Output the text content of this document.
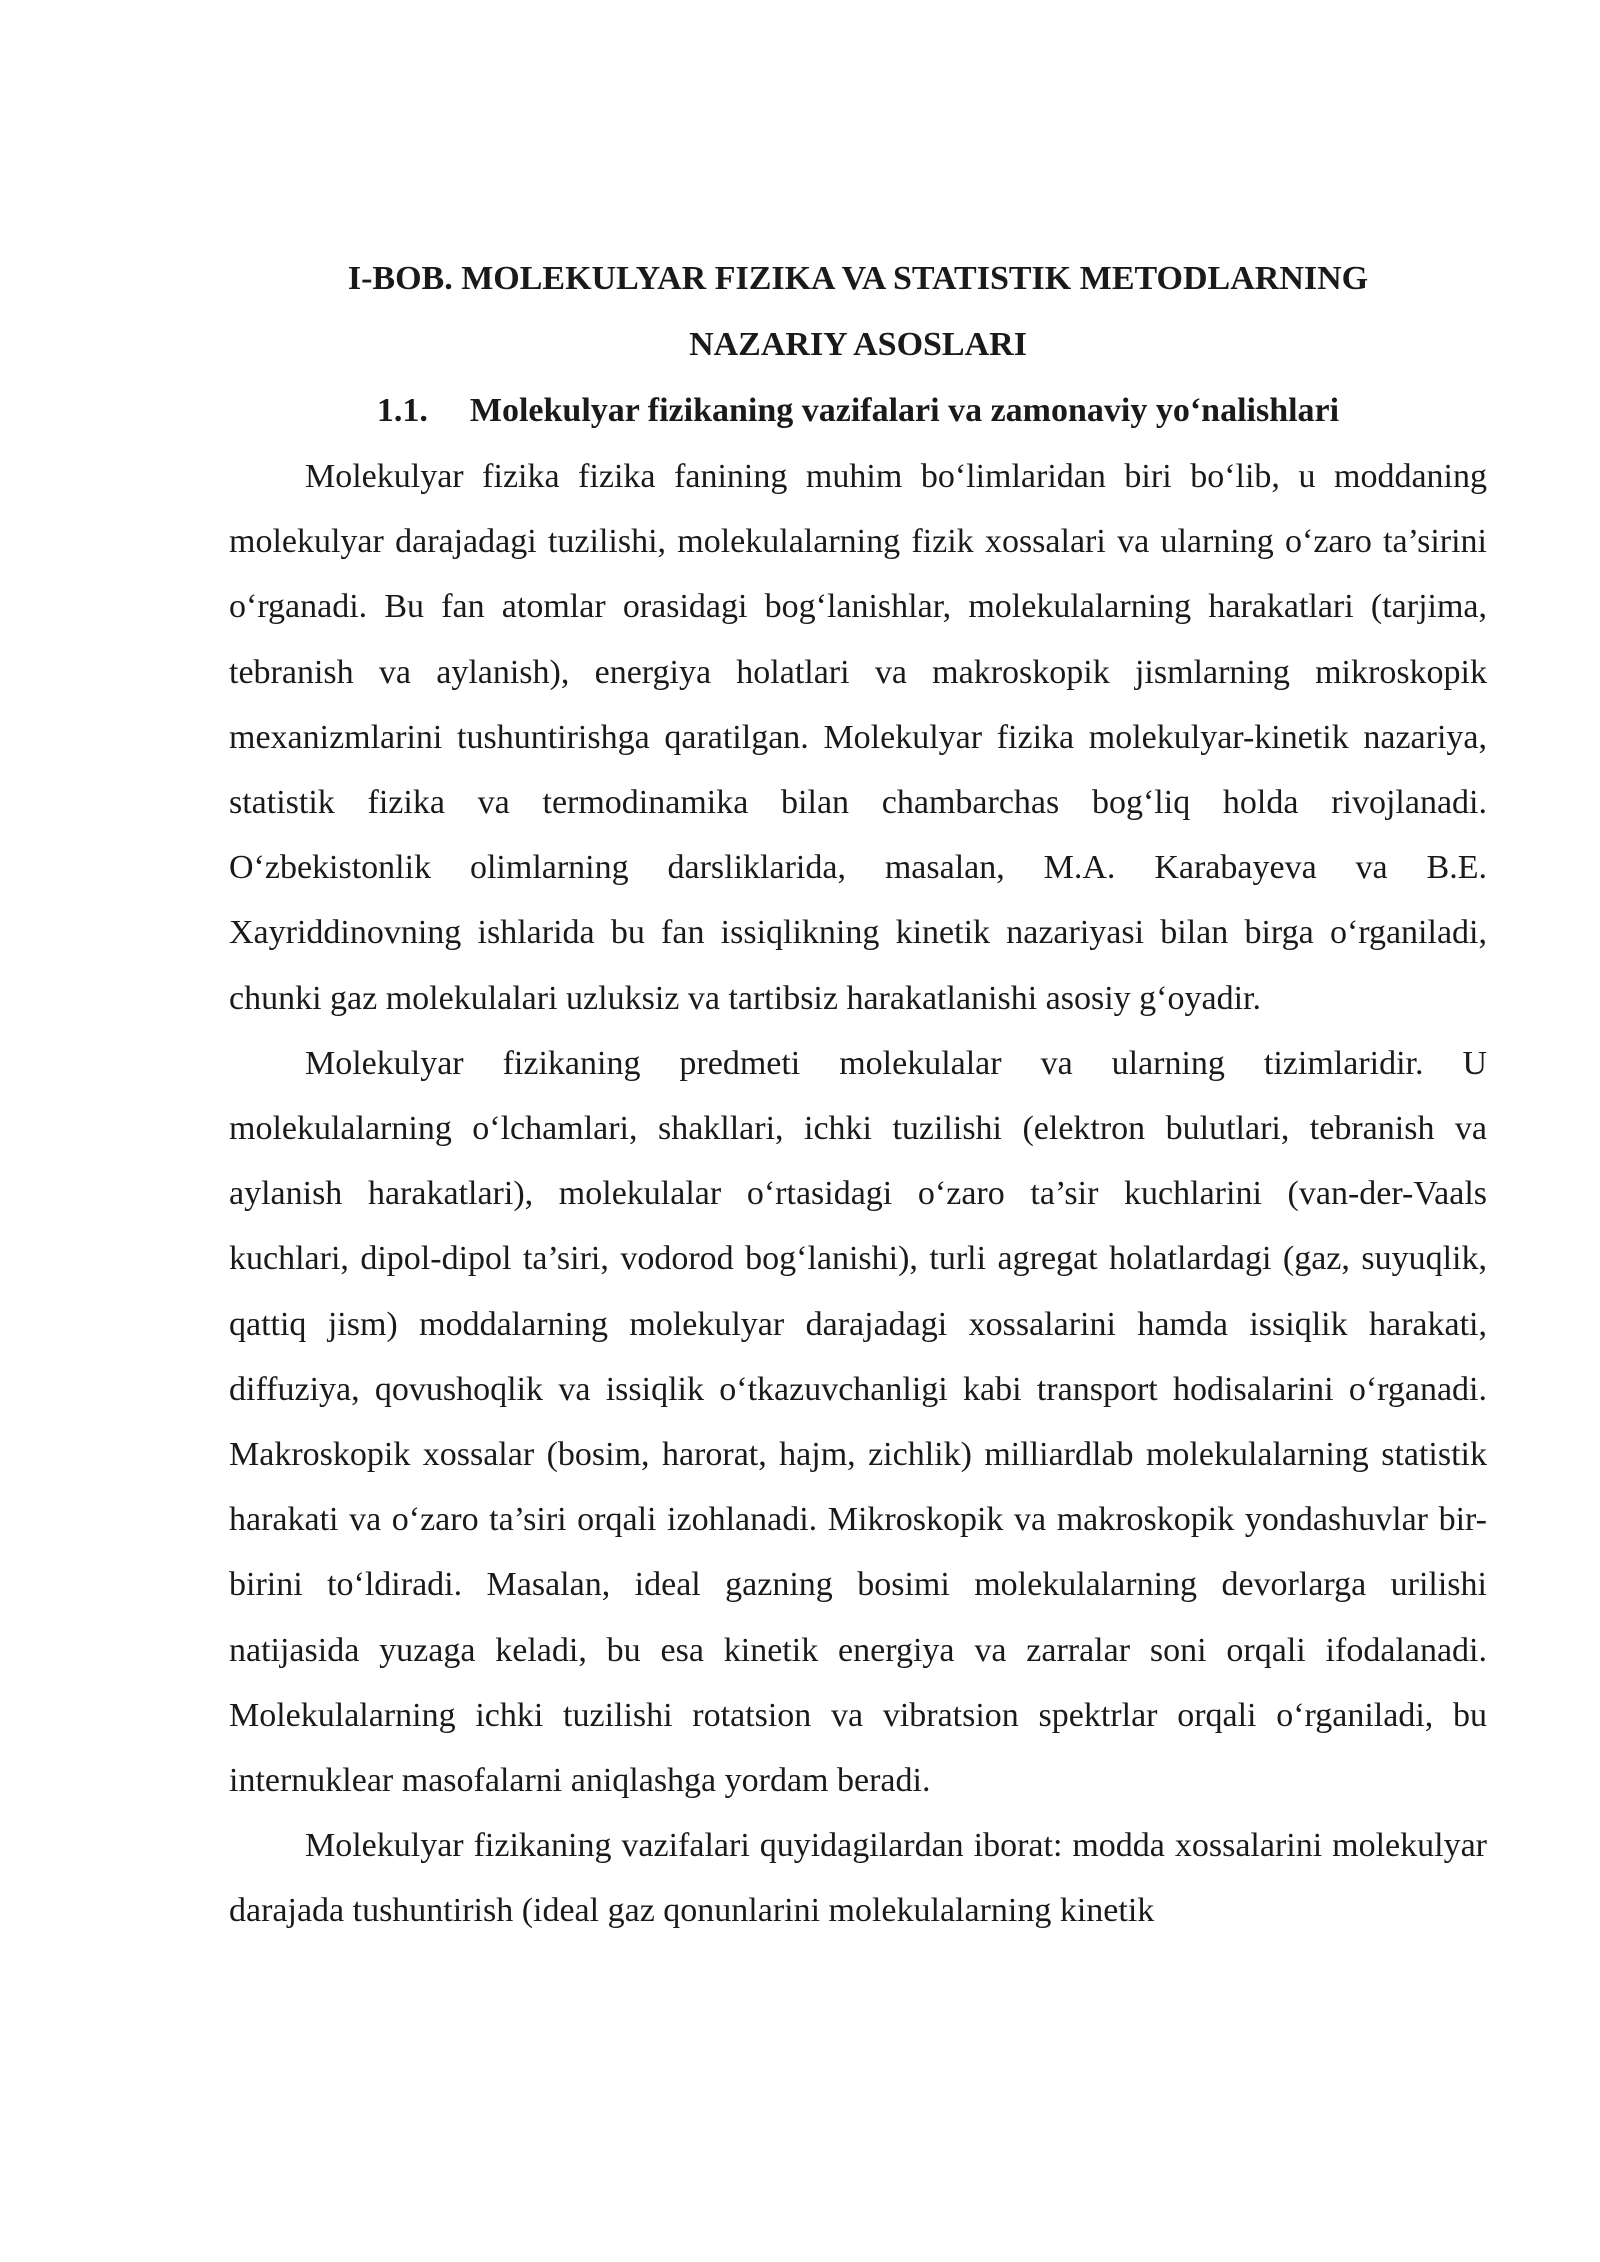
I-BOB. MOLEKULYAR FIZIKA VA STATISTIK METODLARNING
NAZARIY ASOSLARI
1.1. Molekulyar fizikaning vazifalari va zamonaviy yo‘nalishlari

Molekulyar fizika fizika fanining muhim bo‘limlaridan biri bo‘lib, u moddaning molekulyar darajadagi tuzilishi, molekulalarning fizik xossalari va ularning o‘zaro ta’sirini o‘rganadi. Bu fan atomlar orasidagi bog‘lanishlar, molekulalarning harakatlari (tarjima, tebranish va aylanish), energiya holatlari va makroskopik jismlarning mikroskopik mexanizmlarini tushuntirishga qaratilgan. Molekulyar fizika molekulyar-kinetik nazariya, statistik fizika va termodinamika bilan chambarchas bog‘liq holda rivojlanadi. O‘zbekistonlik olimlarning darsliklarida, masalan, M.A. Karabayeva va B.E. Xayriddinovning ishlarida bu fan issiqlikning kinetik nazariyasi bilan birga o‘rganiladi, chunki gaz molekulalari uzluksiz va tartibsiz harakatlanishi asosiy g‘oyadir.

Molekulyar fizikaning predmeti molekulalar va ularning tizimlaridir. U molekulalarning o‘lchamlari, shakllari, ichki tuzilishi (elektron bulutlari, tebranish va aylanish harakatlari), molekulalar o‘rtasidagi o‘zaro ta’sir kuchlarini (van-der-Vaals kuchlari, dipol-dipol ta’siri, vodorod bog‘lanishi), turli agregat holatlardagi (gaz, suyuqlik, qattiq jism) moddalarning molekulyar darajadagi xossalarini hamda issiqlik harakati, diffuziya, qovushoqlik va issiqlik o‘tkazuvchanligi kabi transport hodisalarini o‘rganadi. Makroskopik xossalar (bosim, harorat, hajm, zichlik) milliardlab molekulalarning statistik harakati va o‘zaro ta’siri orqali izohlanadi. Mikroskopik va makroskopik yondashuvlar bir-birini to‘ldiradi. Masalan, ideal gazning bosimi molekulalarning devorlarga urilishi natijasida yuzaga keladi, bu esa kinetik energiya va zarralar soni orqali ifodalanadi. Molekulalarning ichki tuzilishi rotatsion va vibratsion spektrlar orqali o‘rganiladi, bu internuklear masofalarni aniqlashga yordam beradi.

Molekulyar fizikaning vazifalari quyidagilardan iborat: modda xossalarini molekulyar darajada tushuntirish (ideal gaz qonunlarini molekulalarning kinetik
